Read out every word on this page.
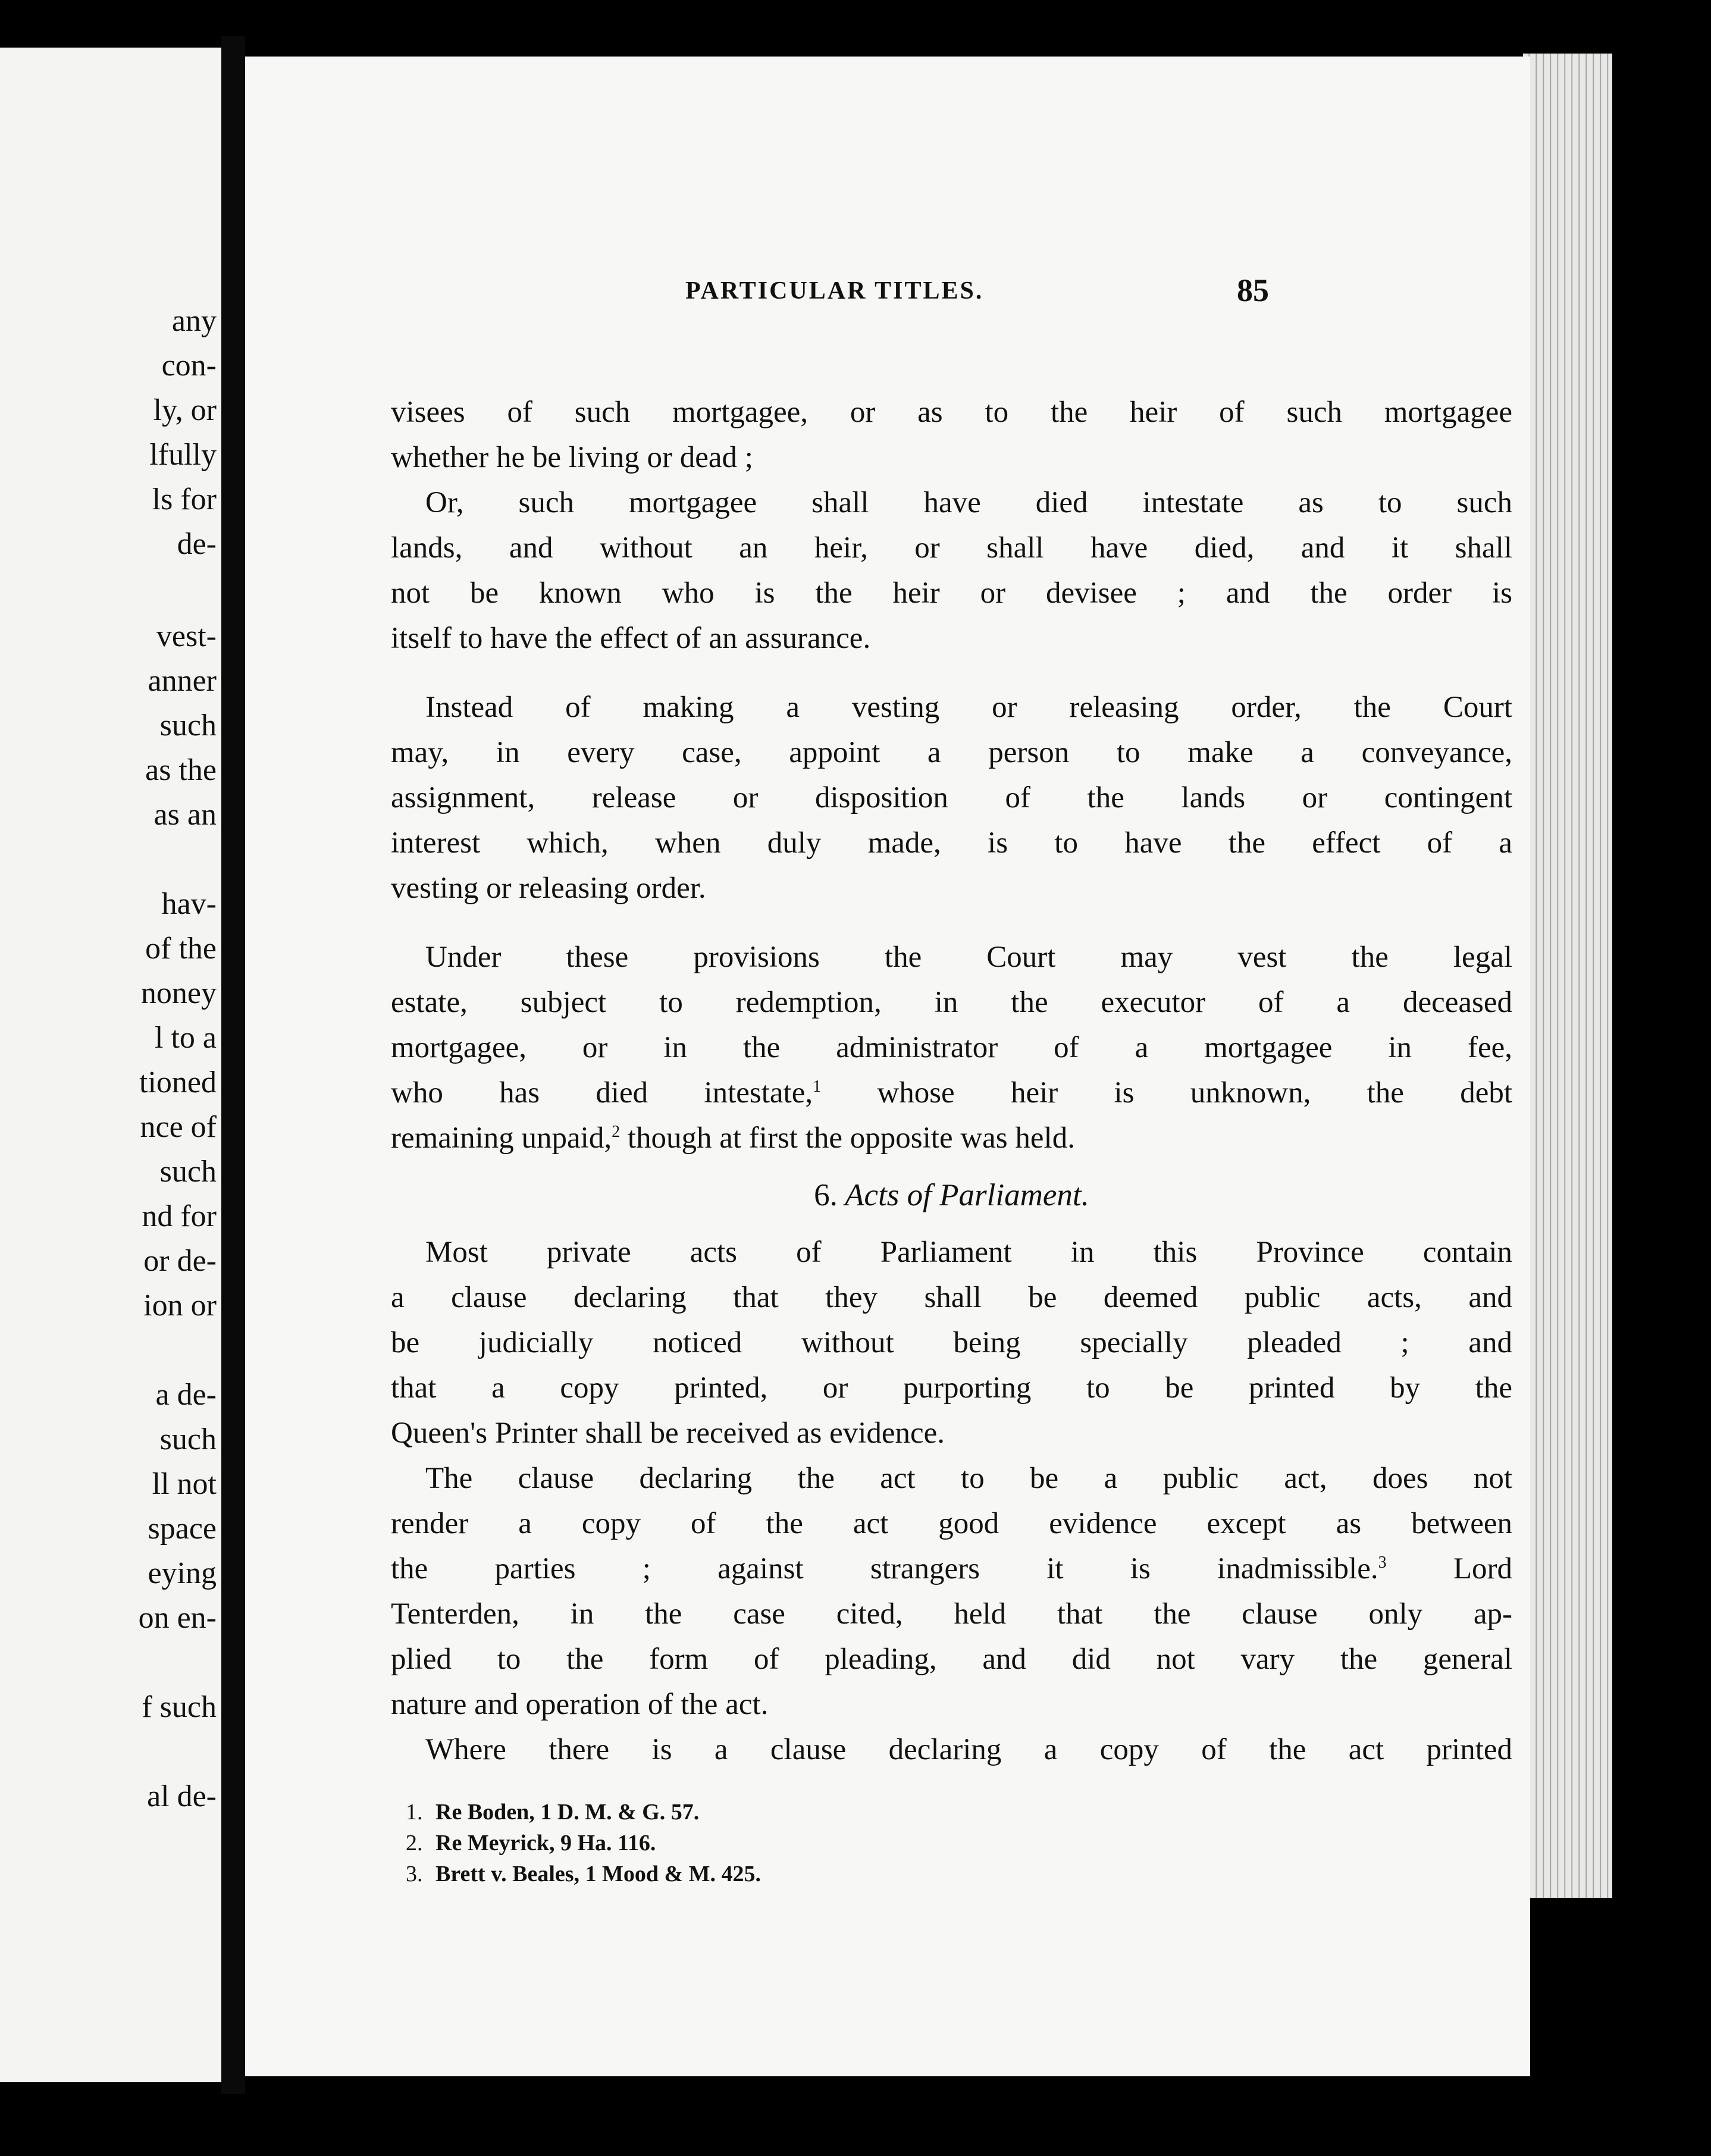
any
con-
ly, or
lfully
ls for
de-
vest-
anner
such
as the
as an
hav-
of the
noney
l to a
tioned
nce of
such
nd for
or de-
ion or
a de-
such
ll not
space
eying
on en-
f such
al de-
PARTICULAR TITLES.	85
visees of such mortgagee, or as to the heir of such mortgagee
whether he be living or dead ;
Or, such mortgagee shall have died intestate as to such
lands, and without an heir, or shall have died, and it shall
not be known who is the heir or devisee ; and the order is
itself to have the effect of an assurance.
Instead of making a vesting or releasing order, the Court
may, in every case, appoint a person to make a conveyance,
assignment, release or disposition of the lands or contingent
interest which, when duly made, is to have the effect of a
vesting or releasing order.
Under these provisions the Court may vest the legal
estate, subject to redemption, in the executor of a deceased
mortgagee, or in the administrator of a mortgagee in fee,
who has died intestate,$^1$ whose heir is unknown, the debt
remaining unpaid,$^2$ though at first the opposite was held.
6. Acts of Parliament.
Most private acts of Parliament in this Province contain
a clause declaring that they shall be deemed public acts, and
be judicially noticed without being specially pleaded ; and
that a copy printed, or purporting to be printed by the
Queen's Printer shall be received as evidence.
The clause declaring the act to be a public act, does not
render a copy of the act good evidence except as between
the parties ; against strangers it is inadmissible.$^3$ Lord
Tenterden, in the case cited, held that the clause only ap-
plied to the form of pleading, and did not vary the general
nature and operation of the act.
Where there is a clause declaring a copy of the act printed
1. Re Boden, 1 D. M. & G. 57.
2. Re Meyrick, 9 Ha. 116.
3. Brett v. Beales, 1 Mood & M. 425.
